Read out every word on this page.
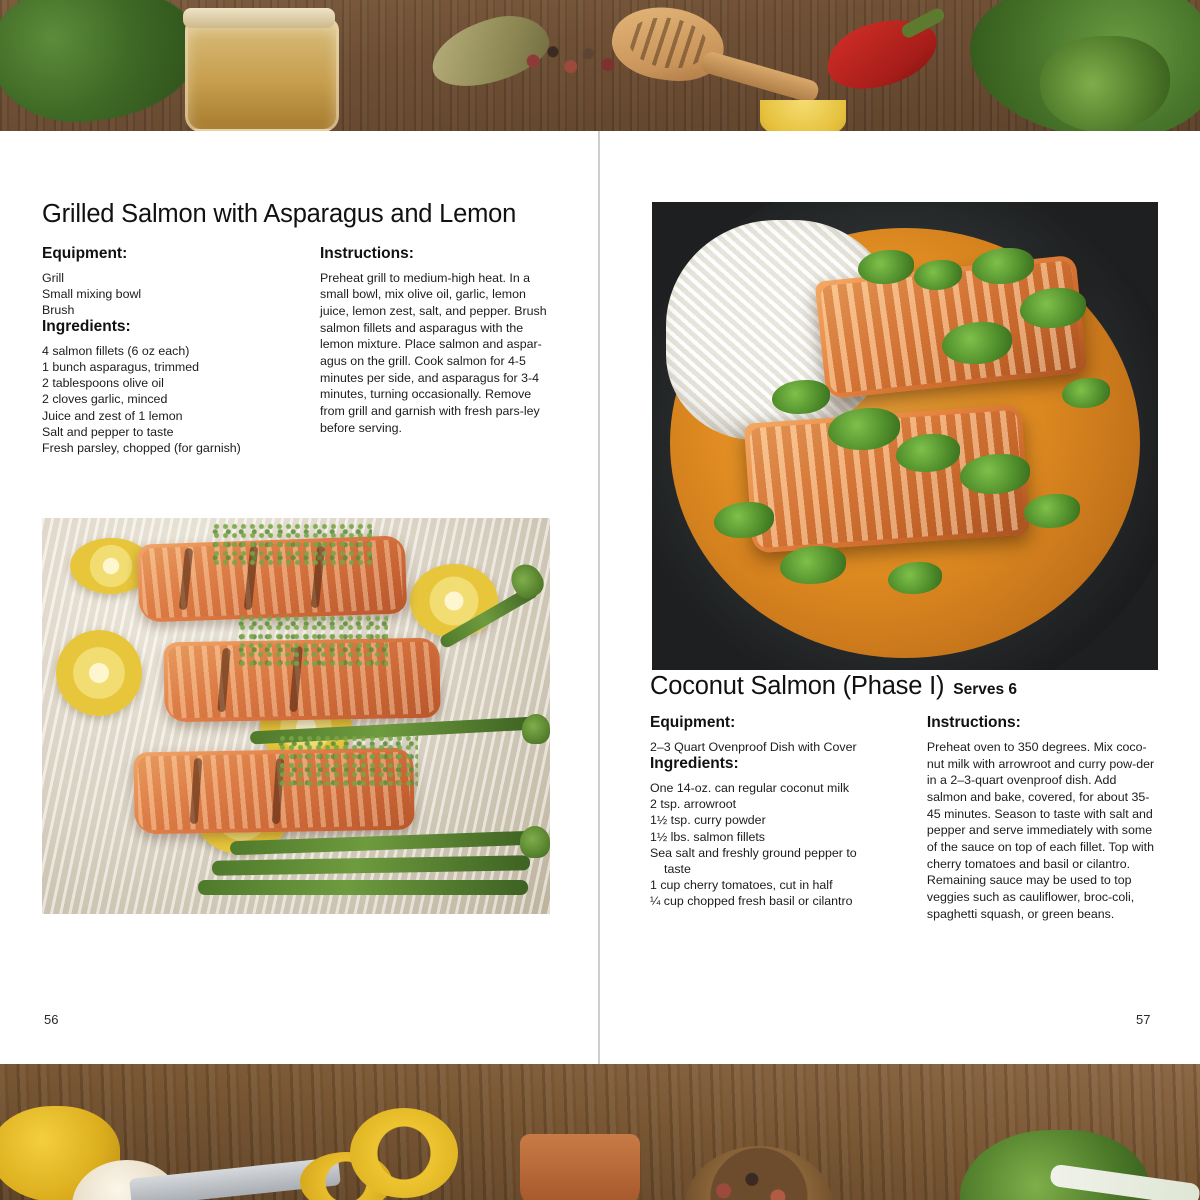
Grilled Salmon with Asparagus and Lemon
Equipment:
Grill
Small mixing bowl
Brush
Ingredients:
4 salmon fillets (6 oz each)
1 bunch asparagus, trimmed
2 tablespoons olive oil
2 cloves garlic, minced
Juice and zest of 1 lemon
Salt and pepper to taste
Fresh parsley, chopped (for garnish)
Instructions:

Preheat grill to medium-high heat. In a small bowl, mix olive oil, garlic, lemon juice, lemon zest, salt, and pepper. Brush salmon fillets and asparagus with the lemon mixture. Place salmon and aspar-

agus on the grill. Cook salmon for 4-5 minutes per side, and asparagus for 3-4 minutes, turning occasionally. Remove from grill and garnish with fresh pars-ley before serving.

Coconut Salmon (Phase I) Serves 6
Equipment:
2–3 Quart Ovenproof Dish with Cover
Ingredients:
One 14-oz. can regular coconut milk
2 tsp. arrowroot
1½ tsp. curry powder
1½ lbs. salmon fillets
Sea salt and freshly ground pepper to
taste
1 cup cherry tomatoes, cut in half
¼ cup chopped fresh basil or cilantro
Instructions:

Preheat oven to 350 degrees. Mix coco-nut milk with arrowroot and curry pow-der in a 2–3-quart ovenproof dish. Add salmon and bake, covered, for about 35-45 minutes. Season to taste with salt and pepper and serve immediately with some of the sauce on top of each fillet. Top with cherry tomatoes and basil or cilantro. Remaining sauce may be used to top veggies such as cauliflower, broc-coli, spaghetti squash, or green beans.

56	57
